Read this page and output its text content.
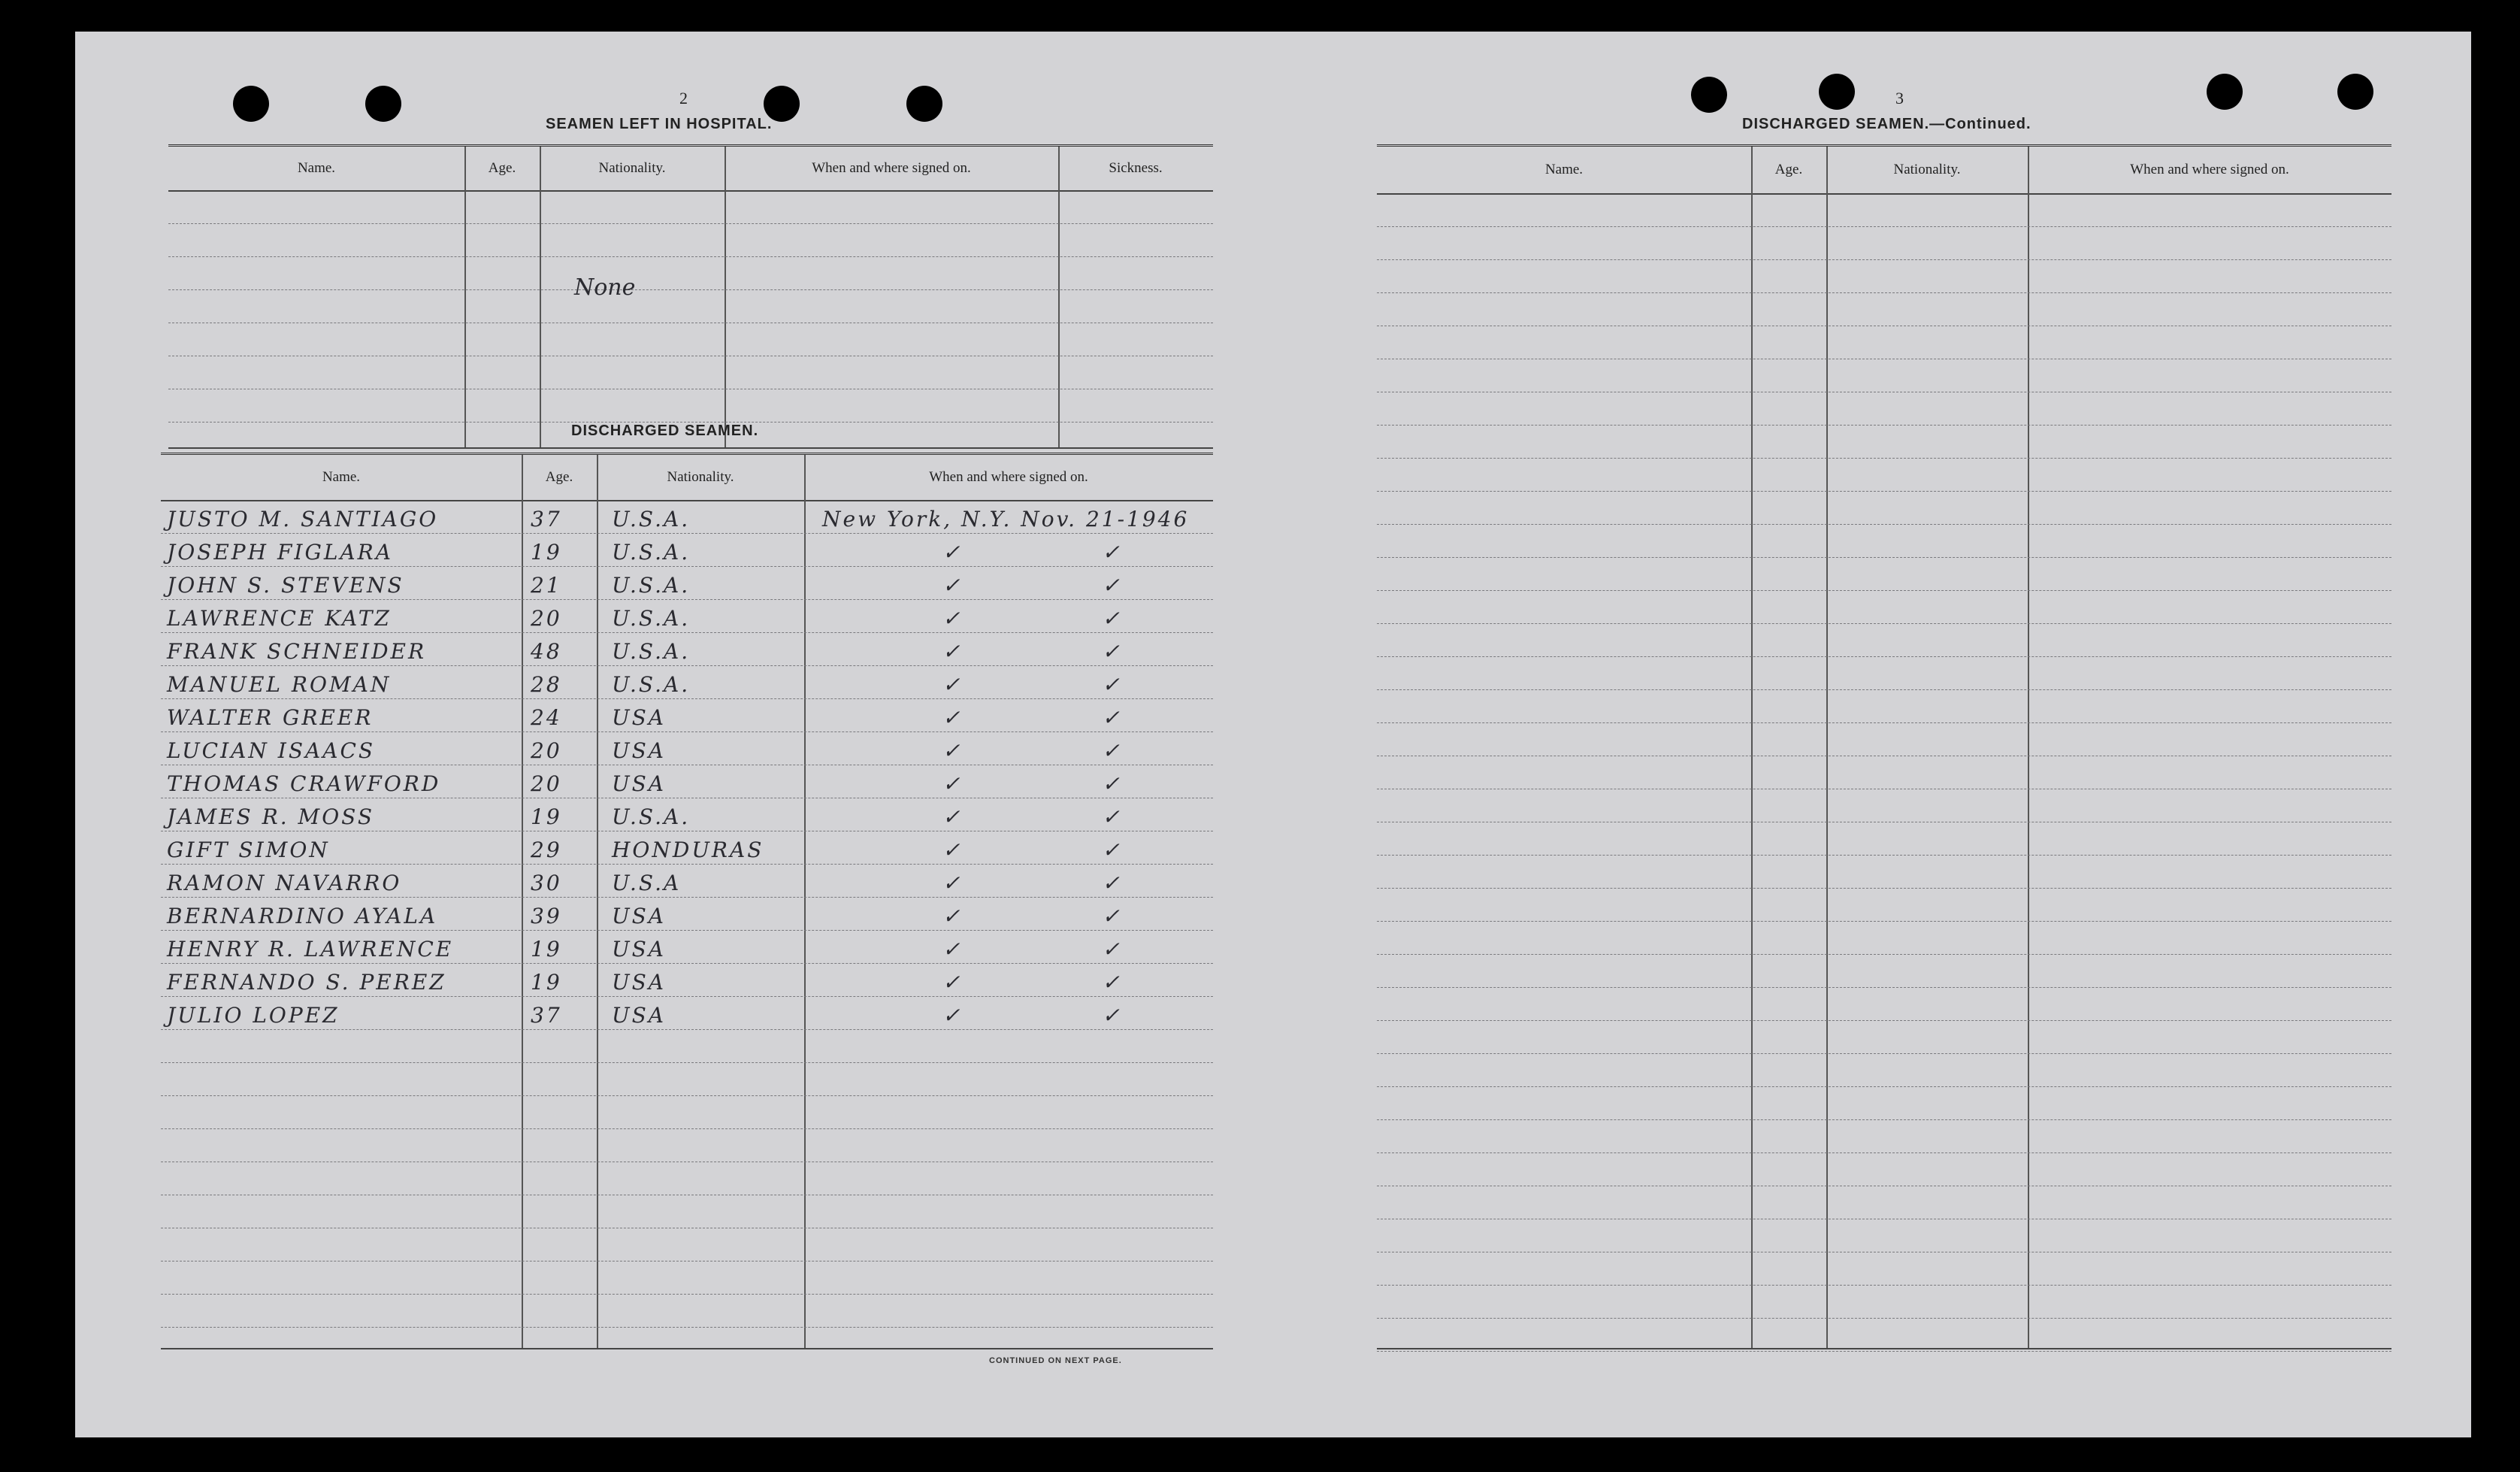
2
SEAMEN LEFT IN HOSPITAL.
Name.	Age.	Nationality.	When and where signed on.	Sickness.
None
DISCHARGED SEAMEN.
Name.	Age.	Nationality.	When and where signed on.
JUSTO M. SANTIAGO	37 U.S.A.	New York, N.Y. Nov. 21-1946
JOSEPH FIGLARA	19 U.S.A.	✓ ✓
JOHN S. STEVENS	21 U.S.A.	✓ ✓
LAWRENCE KATZ	20 U.S.A.	✓ ✓
FRANK SCHNEIDER	48 U.S.A.	✓ ✓
MANUEL ROMAN	28 U.S.A.	✓ ✓
WALTER GREER	24 USA	✓ ✓
LUCIAN ISAACS	20 USA	✓ ✓
THOMAS CRAWFORD	20 USA	✓ ✓
JAMES R. MOSS	19 U.S.A.	✓ ✓
GIFT SIMON	29 HONDURAS	✓ ✓
RAMON NAVARRO	30 U.S.A	✓ ✓
BERNARDINO AYALA	39 USA	✓ ✓
HENRY R. LAWRENCE	19 USA	✓ ✓
FERNANDO S. PEREZ	19 USA	✓ ✓
JULIO LOPEZ	37 USA	✓ ✓
CONTINUED ON NEXT PAGE.
3
DISCHARGED SEAMEN.—Continued.
Name.	Age.	Nationality.	When and where signed on.
